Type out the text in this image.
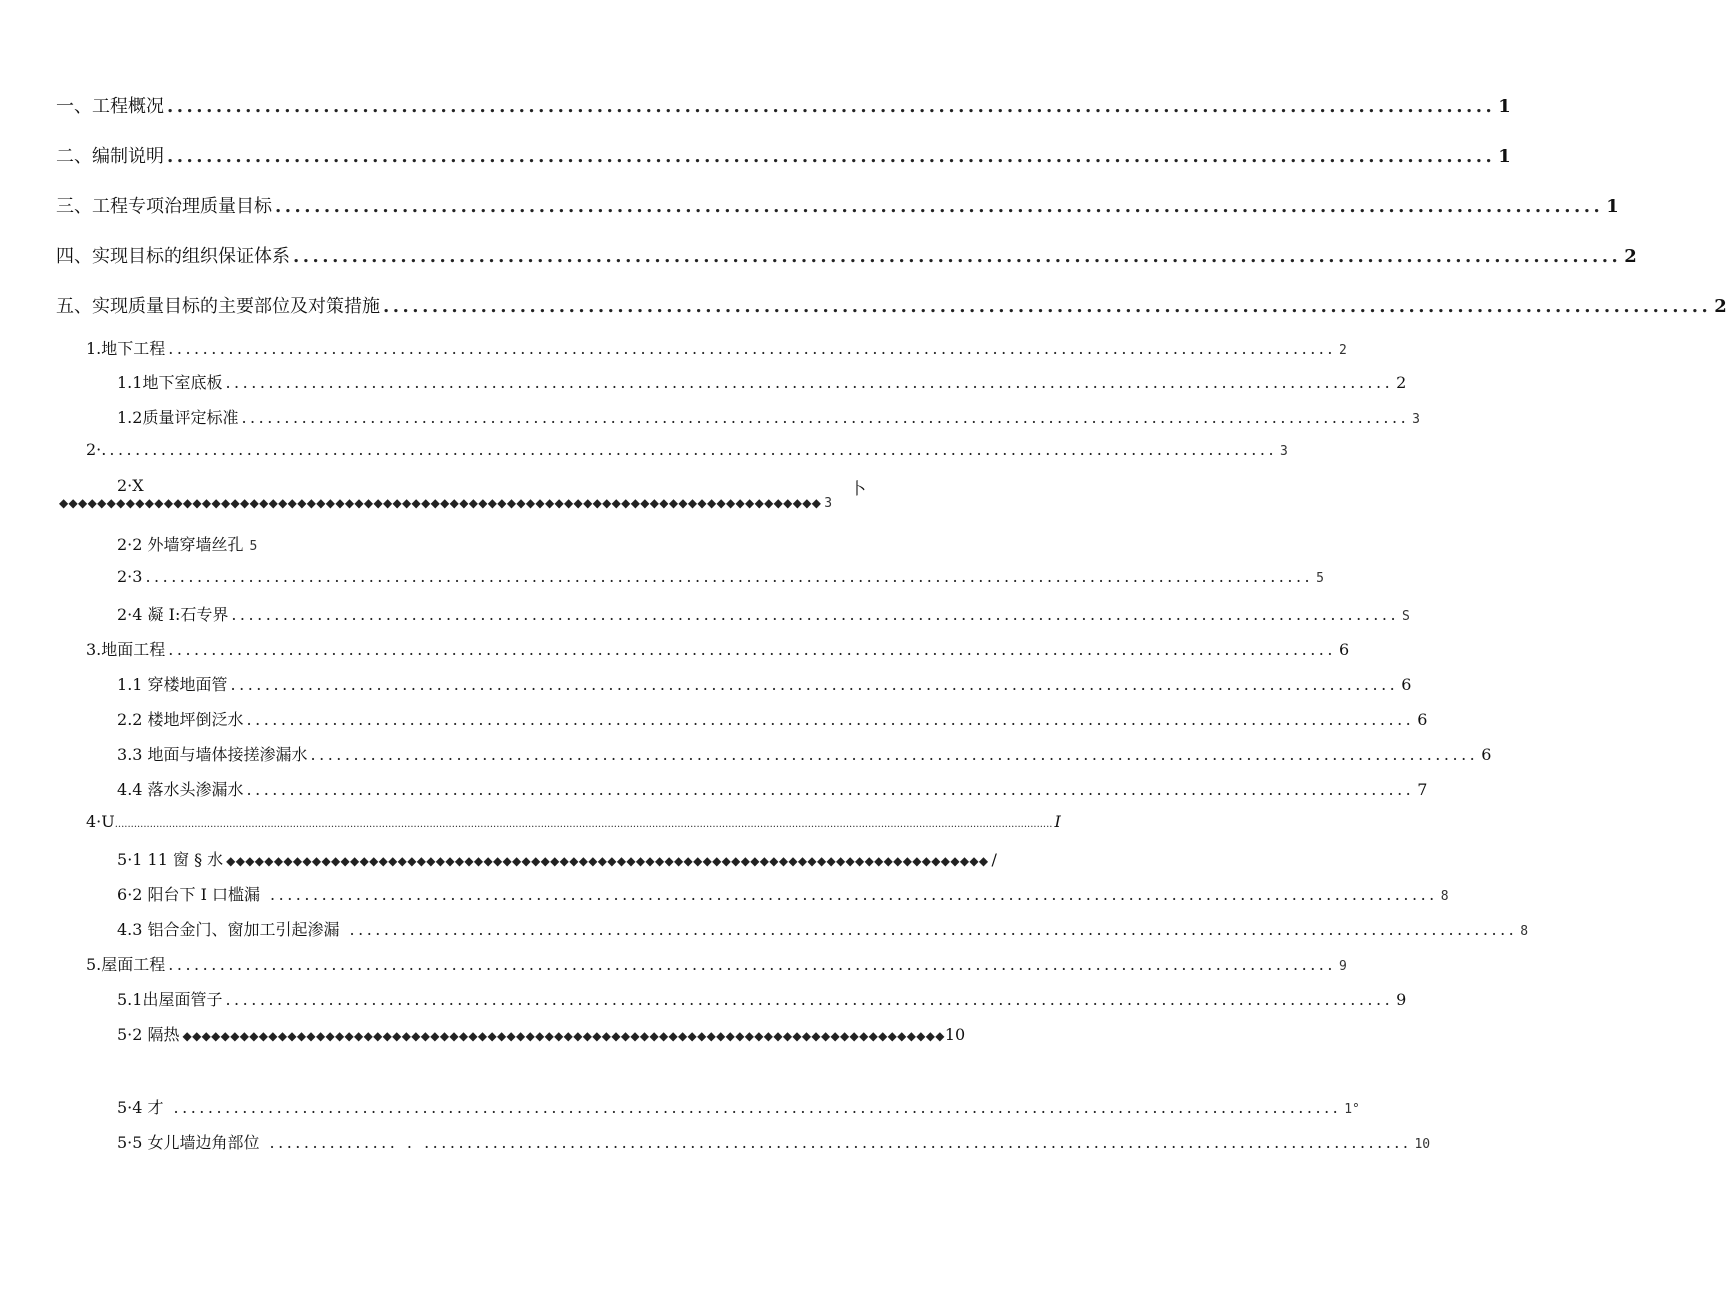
一、 工程概况 ........................................................................................................................................ 1
二、 编制说明 ........................................................................................................................................ 1
三、 工程专项治理质量目标 ........................................................................................................................................ 1
四、 实现目标的组织保证体系 ........................................................................................................................................ 2
五、 实现质量目标的主要部位及对策措施 ........................................................................................................................................ 2
1. 地下工程 ........................................................................................................................................ 2
1.1 地下室底板 ........................................................................................................................................ 2
1.2 质量评定标准 ........................................................................................................................................ 3
2·. ........................................................................................................................................ 3
2·X	卜
◆◆◆◆◆◆◆◆◆◆◆◆◆◆◆◆◆◆◆◆◆◆◆◆◆◆◆◆◆◆◆◆◆◆◆◆◆◆◆◆◆◆◆◆◆◆◆◆◆◆◆◆◆◆◆◆◆◆◆◆◆◆◆◆◆◆◆◆◆◆◆◆◆◆◆◆◆◆◆◆ 3
2·2 外墙穿墙丝孔 5
2·3 ........................................................................................................................................ 5
2·4 凝 I:石专界 ........................................................................................................................................ S
3. 地面工程 ........................................................................................................................................ 6
1 .1 穿楼地面管 ........................................................................................................................................ 6
2 .2 楼地坪倒泛水 ........................................................................................................................................ 6
3 .3 地面与墙体接搓渗漏水 ........................................................................................................................................ 6
4 .4 落水头渗漏水 ........................................................................................................................................ 7
4·U ....................................................................................................................................................................................................................................................................................................... I
5 ·1 11 窗 § 水 ◆◆◆◆◆◆◆◆◆◆◆◆◆◆◆◆◆◆◆◆◆◆◆◆◆◆◆◆◆◆◆◆◆◆◆◆◆◆◆◆◆◆◆◆◆◆◆◆◆◆◆◆◆◆◆◆◆◆◆◆◆◆◆◆◆◆◆◆◆◆◆◆◆◆◆◆◆◆◆◆ /
6 ·2 阳台下 I 口槛漏 ........................................................................................................................................ 8
4. 3 铝合金门、窗加工引起渗漏 ........................................................................................................................................ 8
5. 屋面工程 ........................................................................................................................................ 9
5.1 出屋面管子 ........................................................................................................................................ 9
5·2 隔热 ◆◆◆◆◆◆◆◆◆◆◆◆◆◆◆◆◆◆◆◆◆◆◆◆◆◆◆◆◆◆◆◆◆◆◆◆◆◆◆◆◆◆◆◆◆◆◆◆◆◆◆◆◆◆◆◆◆◆◆◆◆◆◆◆◆◆◆◆◆◆◆◆◆◆◆◆◆◆◆◆ 10
5·4 才 ........................................................................................................................................ 1°
5·5 女儿墙边角部位 ............... . ................................................................................................................... 10
